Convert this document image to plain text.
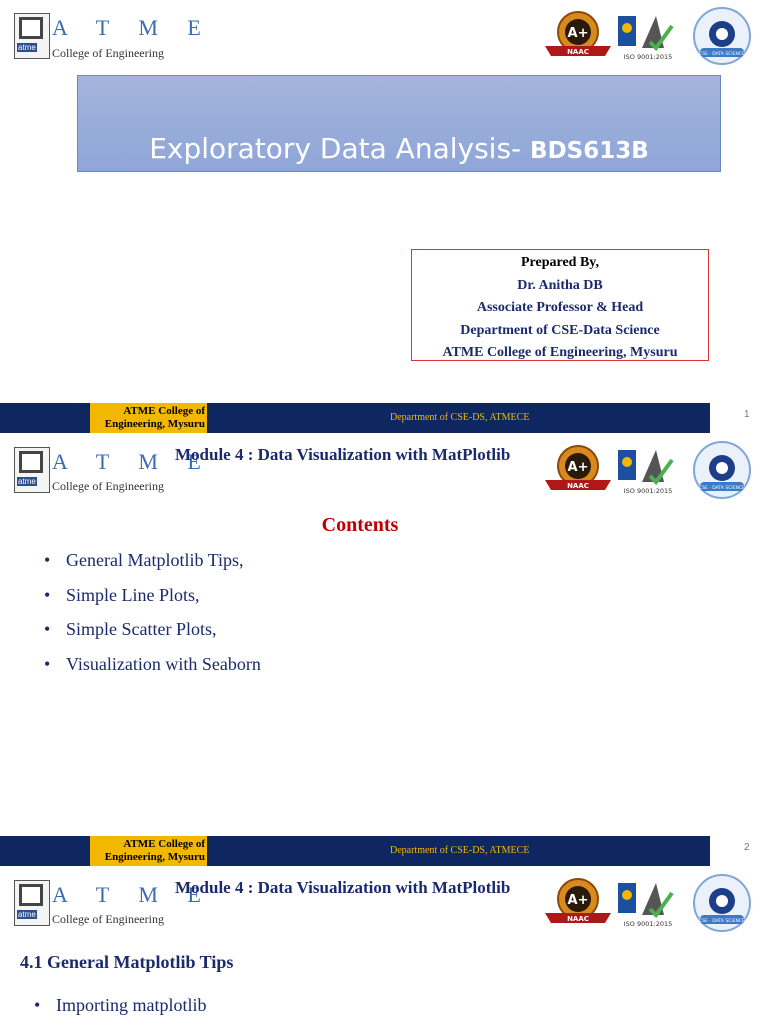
atme
A T M E
College of Engineering
A+
NAAC
ISO 9001:2015	CSE · DATA SCIENCE
Exploratory Data Analysis- BDS613B
Prepared By,
Dr. Anitha DB
Associate Professor & Head
Department of CSE-Data Science
ATME College of Engineering, Mysuru
ATME College of
Engineering, Mysuru
Department of CSE-DS, ATMECE	1
atme
A T M E
College of Engineering
A+
NAAC
ISO 9001:2015	CSE · DATA SCIENCE
Module 4 : Data Visualization with MatPlotlib
Contents
• General Matplotlib Tips,
• Simple Line Plots,
• Simple Scatter Plots,
• Visualization with Seaborn
ATME College of
Engineering, Mysuru
Department of CSE-DS, ATMECE	2
atme
A T M E
College of Engineering
A+
NAAC
ISO 9001:2015	CSE · DATA SCIENCE
Module 4 : Data Visualization with MatPlotlib
4.1 General Matplotlib Tips
• Importing matplotlib
